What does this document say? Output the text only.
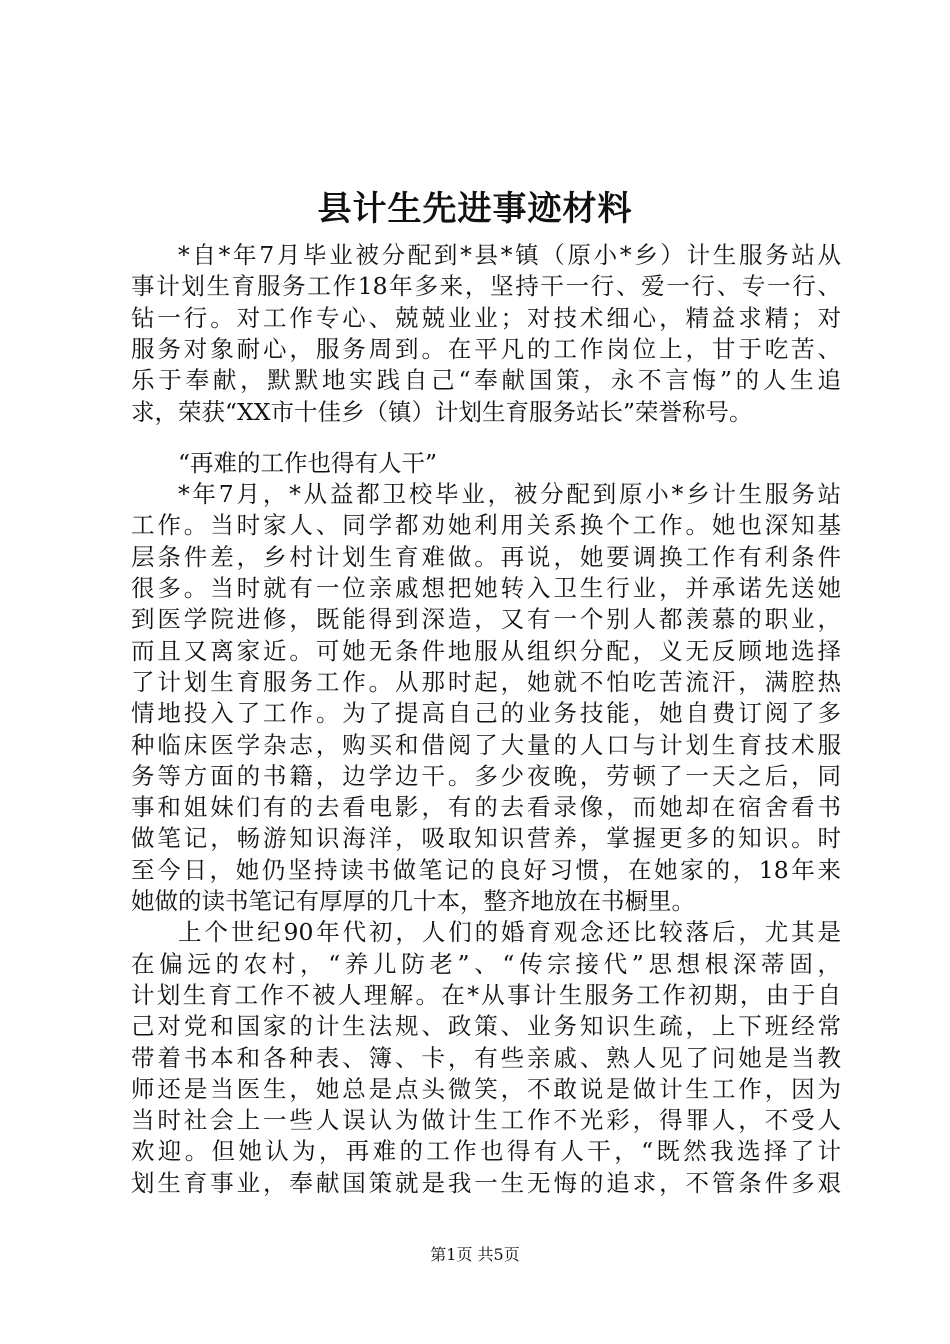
县计生先进事迹材料

*自*年7月毕业被分配到*县*镇（原小*乡）计生服务站从

事计划生育服务工作18年多来，坚持干一行、爱一行、专一行、

钻一行。对工作专心、兢兢业业；对技术细心，精益求精；对

服务对象耐心，服务周到。在平凡的工作岗位上，甘于吃苦、

乐于奉献，默默地实践自己“奉献国策，永不言悔”的人生追

求，荣获“XX市十佳乡（镇）计划生育服务站长”荣誉称号。

“再难的工作也得有人干”

*年7月，*从益都卫校毕业，被分配到原小*乡计生服务站

工作。当时家人、同学都劝她利用关系换个工作。她也深知基

层条件差，乡村计划生育难做。再说，她要调换工作有利条件

很多。当时就有一位亲戚想把她转入卫生行业，并承诺先送她

到医学院进修，既能得到深造，又有一个别人都羡慕的职业，

而且又离家近。可她无条件地服从组织分配，义无反顾地选择

了计划生育服务工作。从那时起，她就不怕吃苦流汗，满腔热

情地投入了工作。为了提高自己的业务技能，她自费订阅了多

种临床医学杂志，购买和借阅了大量的人口与计划生育技术服

务等方面的书籍，边学边干。多少夜晚，劳顿了一天之后，同

事和姐妹们有的去看电影，有的去看录像，而她却在宿舍看书

做笔记，畅游知识海洋，吸取知识营养，掌握更多的知识。时

至今日，她仍坚持读书做笔记的良好习惯，在她家的，18年来

她做的读书笔记有厚厚的几十本，整齐地放在书橱里。

上个世纪90年代初，人们的婚育观念还比较落后，尤其是

在偏远的农村，“养儿防老”、“传宗接代”思想根深蒂固，

计划生育工作不被人理解。在*从事计生服务工作初期，由于自

己对党和国家的计生法规、政策、业务知识生疏，上下班经常

带着书本和各种表、簿、卡，有些亲戚、熟人见了问她是当教

师还是当医生，她总是点头微笑，不敢说是做计生工作，因为

当时社会上一些人误认为做计生工作不光彩，得罪人，不受人

欢迎。但她认为，再难的工作也得有人干，“既然我选择了计

划生育事业，奉献国策就是我一生无悔的追求，不管条件多艰

第1页 共5页
